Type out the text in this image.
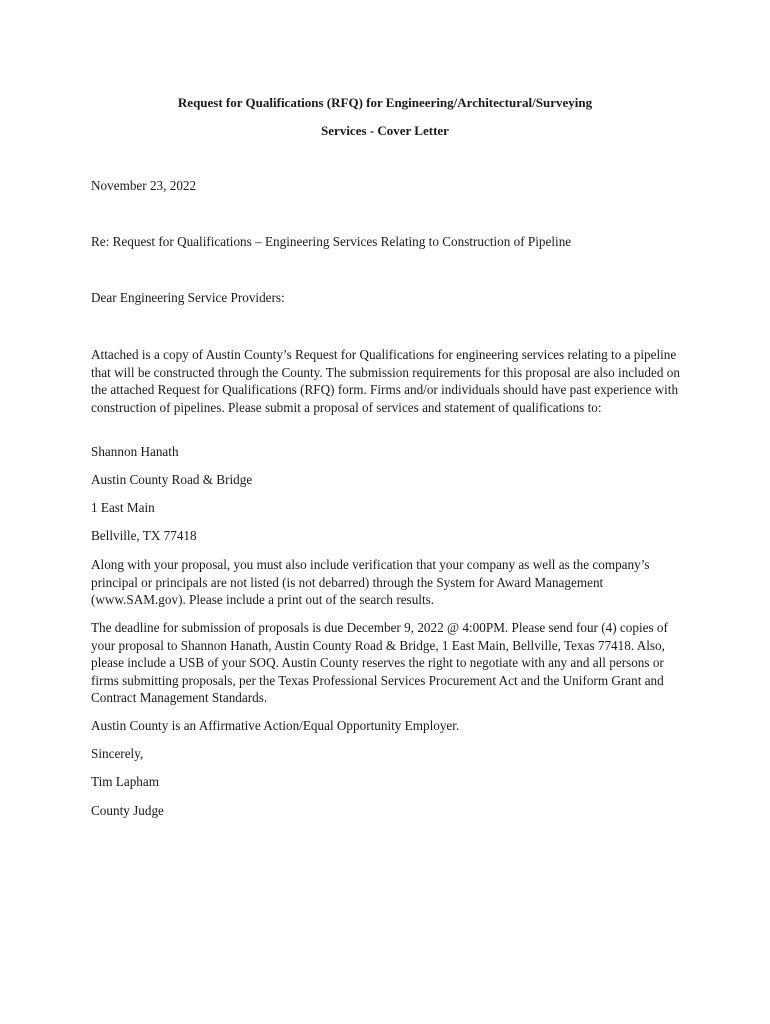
Request for Qualifications (RFQ) for Engineering/Architectural/Surveying

Services - Cover Letter

November 23, 2022

Re: Request for Qualifications – Engineering Services Relating to Construction of Pipeline

Dear Engineering Service Providers:

Attached is a copy of Austin County’s Request for Qualifications for engineering services relating to a pipeline that will be constructed through the County. The submission requirements for this proposal are also included on the attached Request for Qualifications (RFQ) form. Firms and/or individuals should have past experience with construction of pipelines. Please submit a proposal of services and statement of qualifications to:

Shannon Hanath

Austin County Road & Bridge

1 East Main

Bellville, TX 77418

Along with your proposal, you must also include verification that your company as well as the company’s principal or principals are not listed (is not debarred) through the System for Award Management (www.SAM.gov). Please include a print out of the search results.

The deadline for submission of proposals is due December 9, 2022 @ 4:00PM. Please send four (4) copies of your proposal to Shannon Hanath, Austin County Road & Bridge, 1 East Main, Bellville, Texas 77418. Also, please include a USB of your SOQ. Austin County reserves the right to negotiate with any and all persons or firms submitting proposals, per the Texas Professional Services Procurement Act and the Uniform Grant and Contract Management Standards.

Austin County is an Affirmative Action/Equal Opportunity Employer.

Sincerely,

Tim Lapham

County Judge
